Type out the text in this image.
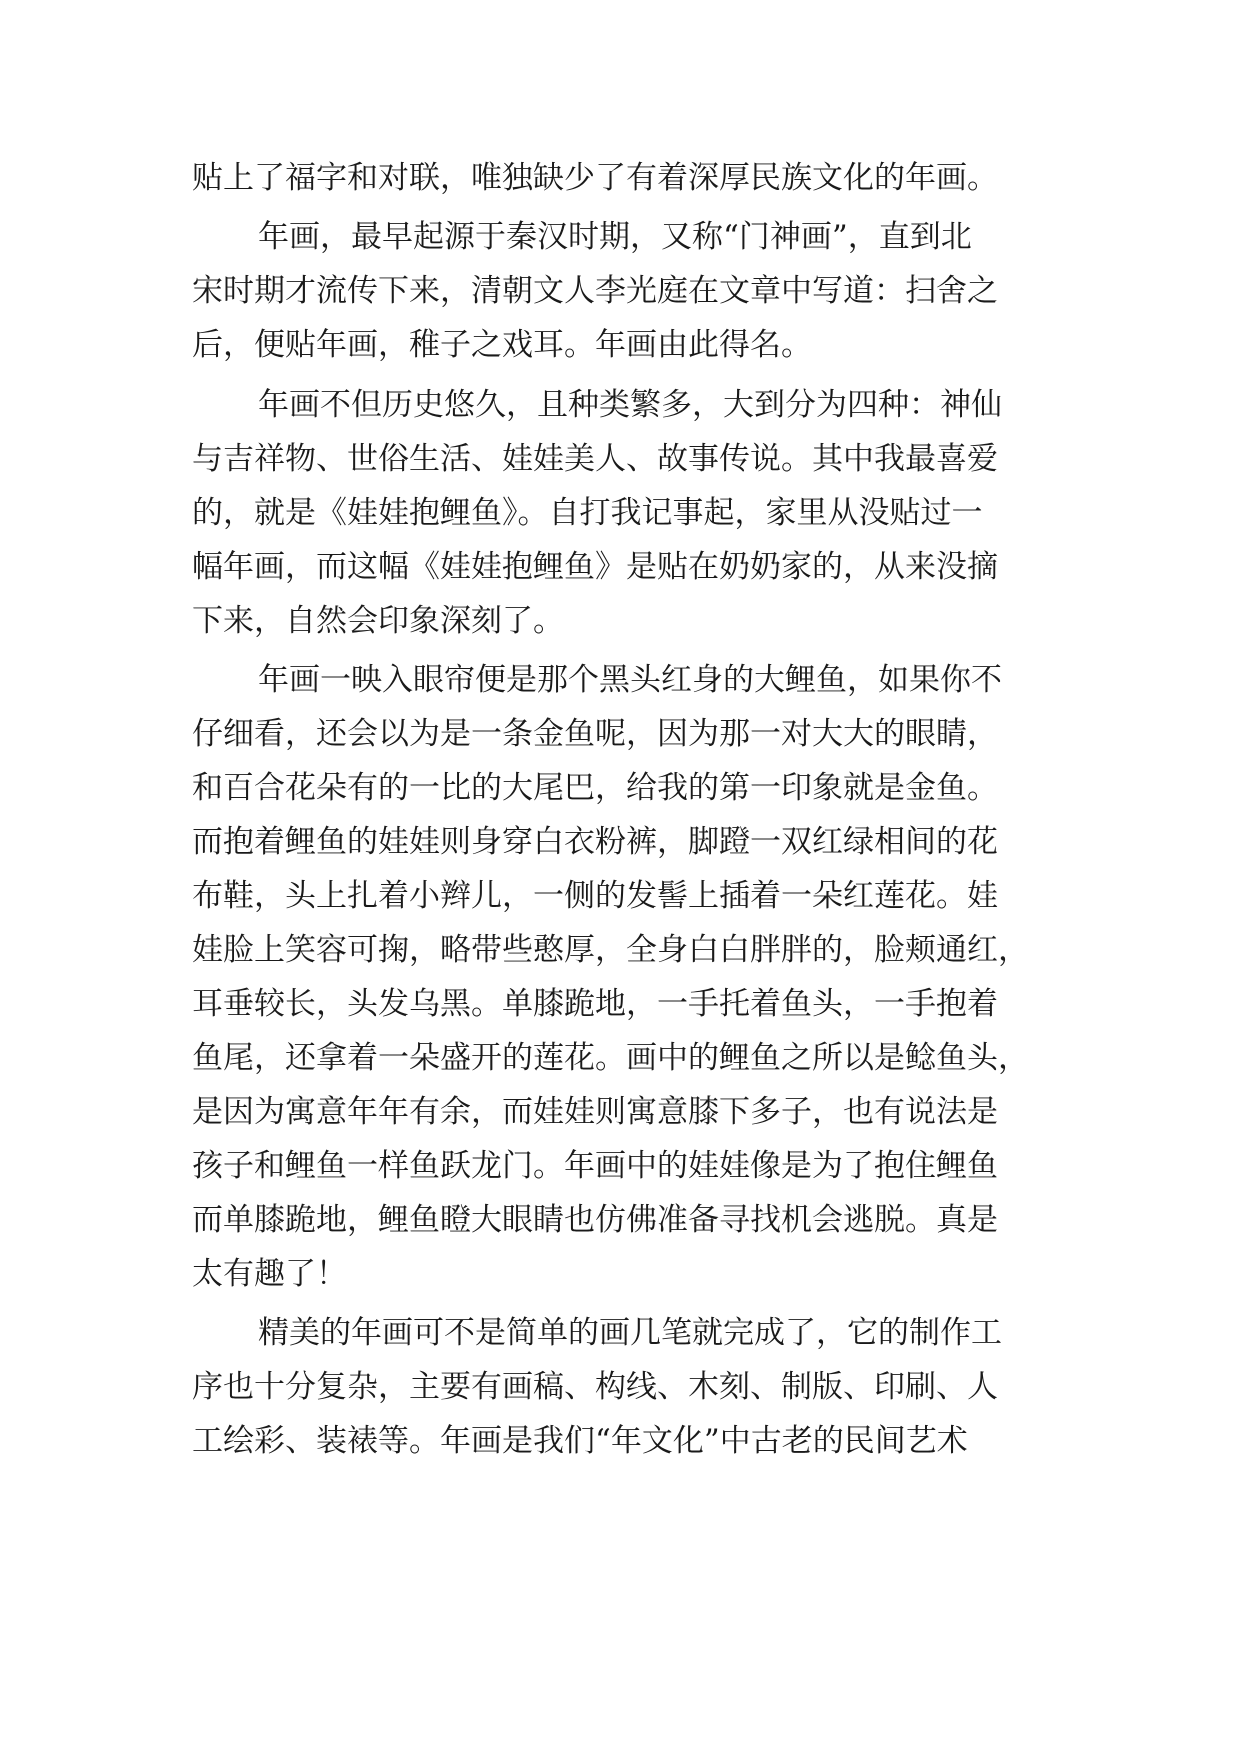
贴上了福字和对联，唯独缺少了有着深厚民族文化的年画。
年画，最早起源于秦汉时期，又称“门神画”，直到北
宋时期才流传下来，清朝文人李光庭在文章中写道：扫舍之
后，便贴年画，稚子之戏耳。年画由此得名。
年画不但历史悠久，且种类繁多，大到分为四种：神仙
与吉祥物、世俗生活、娃娃美人、故事传说。其中我最喜爱
的，就是《娃娃抱鲤鱼》。自打我记事起，家里从没贴过一
幅年画，而这幅《娃娃抱鲤鱼》是贴在奶奶家的，从来没摘
下来，自然会印象深刻了。
年画一映入眼帘便是那个黑头红身的大鲤鱼，如果你不
仔细看，还会以为是一条金鱼呢，因为那一对大大的眼睛，
和百合花朵有的一比的大尾巴，给我的第一印象就是金鱼。
而抱着鲤鱼的娃娃则身穿白衣粉裤，脚蹬一双红绿相间的花
布鞋，头上扎着小辫儿，一侧的发髻上插着一朵红莲花。娃
娃脸上笑容可掬，略带些憨厚，全身白白胖胖的，脸颊通红，
耳垂较长，头发乌黑。单膝跪地，一手托着鱼头，一手抱着
鱼尾，还拿着一朵盛开的莲花。画中的鲤鱼之所以是鲶鱼头，
是因为寓意年年有余，而娃娃则寓意膝下多子，也有说法是
孩子和鲤鱼一样鱼跃龙门。年画中的娃娃像是为了抱住鲤鱼
而单膝跪地，鲤鱼瞪大眼睛也仿佛准备寻找机会逃脱。真是
太有趣了！
精美的年画可不是简单的画几笔就完成了，它的制作工
序也十分复杂，主要有画稿、构线、木刻、制版、印刷、人
工绘彩、装裱等。年画是我们“年文化”中古老的民间艺术
